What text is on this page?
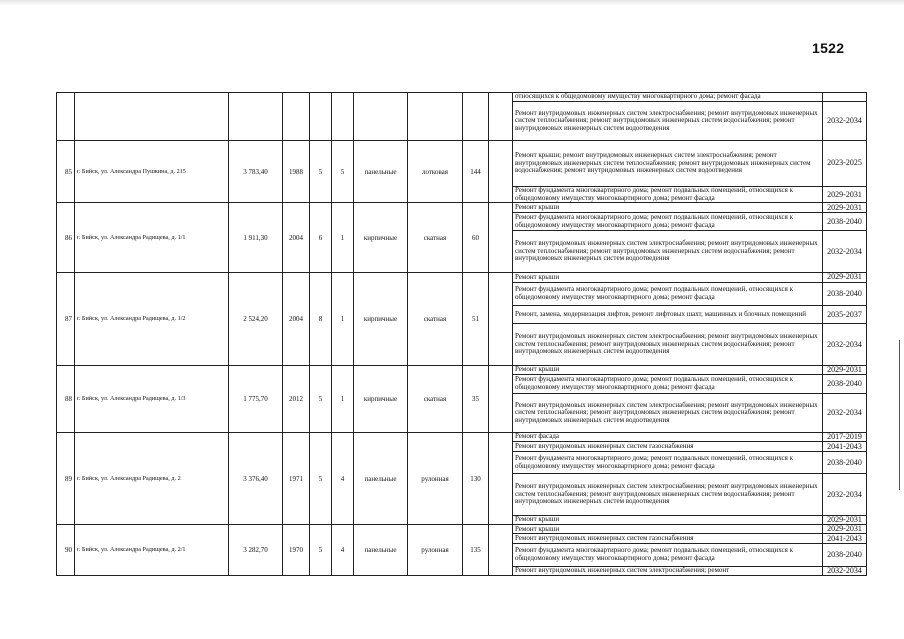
1522
										относящихся к общедомовому имуществу многоквартирного дома; ремонт фасада	
										Ремонт внутридомовых инженерных систем электроснабжения; ремонт внутридомовых инженерных систем теплоснабжения; ремонт внутридомовых инженерных систем водоснабжения; ремонт внутридомовых инженерных систем водоотведения	2032-2034
85	г. Бийск, ул. Александра Пушкина, д. 215	3 783,40	1988	5	5	панельные	лотковая	144		Ремонт крыши; ремонт внутридомовых инженерных систем электроснабжения; ремонт внутридомовых инженерных систем теплоснабжения; ремонт внутридомовых инженерных систем водоснабжения; ремонт внутридомовых инженерных систем водоотведения	2023-2025
										Ремонт фундамента многоквартирного дома; ремонт подвальных помещений, относящихся к общедомовому имуществу многоквартирного дома; ремонт фасада	2029-2031
86	г. Бийск, ул. Александра Радищева, д. 1/1	1 911,30	2004	6	1	кирпичные	скатная	60		Ремонт крыши	2029-2031
										Ремонт фундамента многоквартирного дома; ремонт подвальных помещений, относящихся к общедомовому имуществу многоквартирного дома; ремонт фасада	2038-2040
										Ремонт внутридомовых инженерных систем электроснабжения; ремонт внутридомовых инженерных систем теплоснабжения; ремонт внутридомовых инженерных систем водоснабжения; ремонт внутридомовых инженерных систем водоотведения	2032-2034
87	г. Бийск, ул. Александра Радищева, д. 1/2	2 524,20	2004	8	1	кирпичные	скатная	51		Ремонт крыши	2029-2031
										Ремонт фундамента многоквартирного дома; ремонт подвальных помещений, относящихся к общедомовому имуществу многоквартирного дома; ремонт фасада	2038-2040
										Ремонт, замена, модернизация лифтов, ремонт лифтовых шахт, машинных и блочных помещений	2035-2037
										Ремонт внутридомовых инженерных систем электроснабжения; ремонт внутридомовых инженерных систем теплоснабжения; ремонт внутридомовых инженерных систем водоснабжения; ремонт внутридомовых инженерных систем водоотведения	2032-2034
88	г. Бийск, ул. Александра Радищева, д. 1/3	1 775,70	2012	5	1	кирпичные	скатная	35		Ремонт крыши	2029-2031
										Ремонт фундамента многоквартирного дома; ремонт подвальных помещений, относящихся к общедомовому имуществу многоквартирного дома; ремонт фасада	2038-2040
										Ремонт внутридомовых инженерных систем электроснабжения; ремонт внутридомовых инженерных систем теплоснабжения; ремонт внутридомовых инженерных систем водоснабжения; ремонт внутридомовых инженерных систем водоотведения	2032-2034
89	г. Бийск, ул. Александра Радищева, д. 2	3 376,40	1971	5	4	панельные	рулонная	130		Ремонт фасада	2017-2019
										Ремонт внутридомовых инженерных систем газоснабжения	2041-2043
										Ремонт фундамента многоквартирного дома; ремонт подвальных помещений, относящихся к общедомовому имуществу многоквартирного дома; ремонт фасада	2038-2040
										Ремонт внутридомовых инженерных систем электроснабжения; ремонт внутридомовых инженерных систем теплоснабжения; ремонт внутридомовых инженерных систем водоснабжения; ремонт внутридомовых инженерных систем водоотведения	2032-2034
										Ремонт крыши	2029-2031
90	г. Бийск, ул. Александра Радищева, д. 2/1	3 282,70	1970	5	4	панельные	рулонная	135		Ремонт крыши	2029-2031
										Ремонт внутридомовых инженерных систем газоснабжения	2041-2043
										Ремонт фундамента многоквартирного дома; ремонт подвальных помещений, относящихся к общедомовому имуществу многоквартирного дома; ремонт фасада	2038-2040
										Ремонт внутридомовых инженерных систем электроснабжения; ремонт	2032-2034
